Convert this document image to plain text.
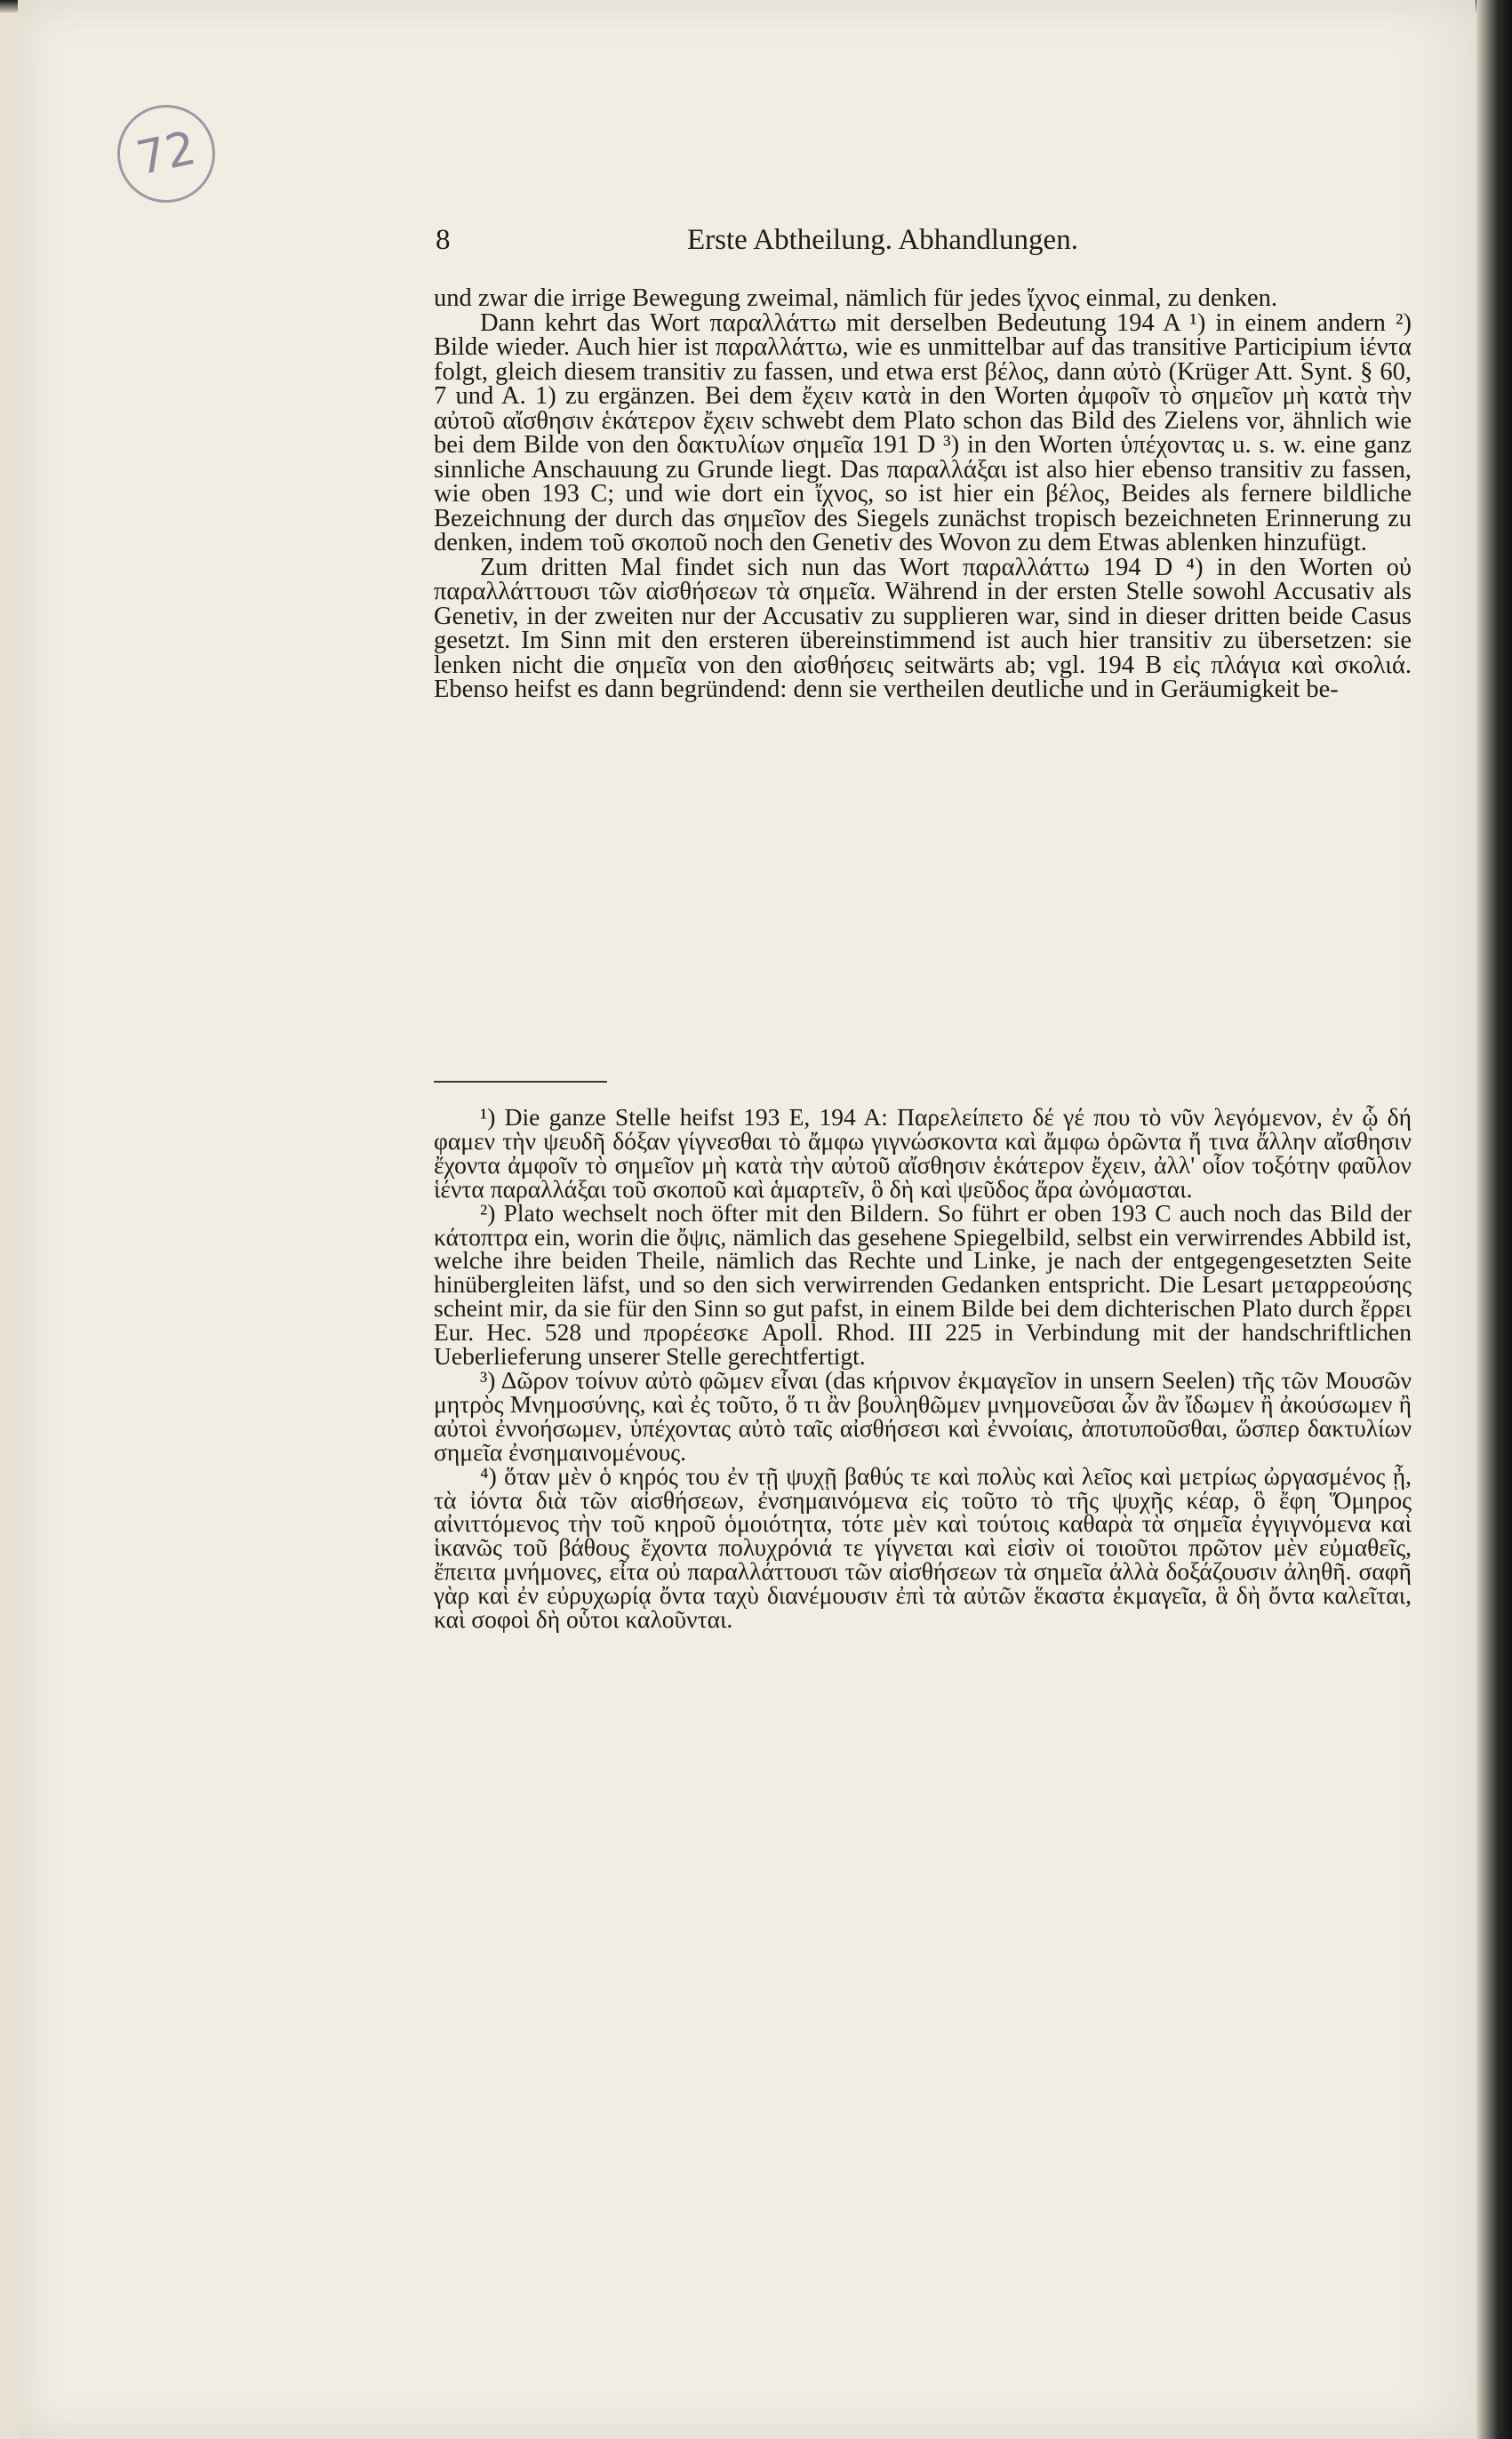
72
8	Erste Abtheilung. Abhandlungen.

und zwar die irrige Bewegung zweimal, nämlich für jedes ἴχνος einmal, zu denken.

Dann kehrt das Wort παραλλάττω mit derselben Bedeutung 194 A ¹) in einem andern ²) Bilde wieder. Auch hier ist παραλλάττω, wie es unmittelbar auf das transitive Participium ἱέντα folgt, gleich diesem transitiv zu fassen, und etwa erst βέλος, dann αὐτὸ (Krüger Att. Synt. § 60, 7 und A. 1) zu ergänzen. Bei dem ἔχειν κατὰ in den Worten ἀμφοῖν τὸ σημεῖον μὴ κατὰ τὴν αὐτοῦ αἴσθησιν ἑκάτερον ἔχειν schwebt dem Plato schon das Bild des Zielens vor, ähnlich wie bei dem Bilde von den δακτυλίων σημεῖα 191 D ³) in den Worten ὑπέχοντας u. s. w. eine ganz sinnliche Anschauung zu Grunde liegt. Das παραλλάξαι ist also hier ebenso transitiv zu fassen, wie oben 193 C; und wie dort ein ἴχνος, so ist hier ein βέλος, Beides als fernere bildliche Bezeichnung der durch das σημεῖον des Siegels zunächst tropisch bezeichneten Erinnerung zu denken, indem τοῦ σκοποῦ noch den Genetiv des Wovon zu dem Etwas ablenken hinzufügt.

Zum dritten Mal findet sich nun das Wort παραλλάττω 194 D ⁴) in den Worten οὐ παραλλάττουσι τῶν αἰσθήσεων τὰ σημεῖα. Während in der ersten Stelle sowohl Accusativ als Genetiv, in der zweiten nur der Accusativ zu supplieren war, sind in dieser dritten beide Casus gesetzt. Im Sinn mit den ersteren übereinstimmend ist auch hier transitiv zu übersetzen: sie lenken nicht die σημεῖα von den αἰσθήσεις seitwärts ab; vgl. 194 B εἰς πλάγια καὶ σκολιά. Ebenso heifst es dann begründend: denn sie vertheilen deutliche und in Geräumigkeit be-

¹) Die ganze Stelle heifst 193 E, 194 A: Παρελείπετο δέ γέ που τὸ νῦν λεγόμενον, ἐν ᾧ δή φαμεν τὴν ψευδῆ δόξαν γίγνεσθαι τὸ ἄμφω γιγνώσκοντα καὶ ἄμφω ὁρῶντα ἤ τινα ἄλλην αἴσθησιν ἔχοντα ἀμφοῖν τὸ σημεῖον μὴ κατὰ τὴν αὐτοῦ αἴσθησιν ἑκάτερον ἔχειν, ἀλλ' οἷον τοξότην φαῦλον ἱέντα παραλλάξαι τοῦ σκοποῦ καὶ ἁμαρτεῖν, ὃ δὴ καὶ ψεῦδος ἄρα ὠνόμασται.

²) Plato wechselt noch öfter mit den Bildern. So führt er oben 193 C auch noch das Bild der κάτοπτρα ein, worin die ὄψις, nämlich das gesehene Spiegelbild, selbst ein verwirrendes Abbild ist, welche ihre beiden Theile, nämlich das Rechte und Linke, je nach der entgegengesetzten Seite hinübergleiten läfst, und so den sich verwirrenden Gedanken entspricht. Die Lesart μεταρρεούσης scheint mir, da sie für den Sinn so gut pafst, in einem Bilde bei dem dichterischen Plato durch ἔρρει Eur. Hec. 528 und προρέεσκε Apoll. Rhod. III 225 in Verbindung mit der handschriftlichen Ueberlieferung unserer Stelle gerechtfertigt.

³) Δῶρον τοίνυν αὐτὸ φῶμεν εἶναι (das κήρινον ἐκμαγεῖον in unsern Seelen) τῆς τῶν Μουσῶν μητρὸς Μνημοσύνης, καὶ ἐς τοῦτο, ὅ τι ἂν βουληθῶμεν μνημονεῦσαι ὧν ἂν ἴδωμεν ἢ ἀκούσωμεν ἢ αὐτοὶ ἐννοήσωμεν, ὑπέχοντας αὐτὸ ταῖς αἰσθήσεσι καὶ ἐννοίαις, ἀποτυποῦσθαι, ὥσπερ δακτυλίων σημεῖα ἐνσημαινομένους.

⁴) ὅταν μὲν ὁ κηρός του ἐν τῇ ψυχῇ βαθύς τε καὶ πολὺς καὶ λεῖος καὶ μετρίως ὠργασμένος ᾖ, τὰ ἰόντα διὰ τῶν αἰσθήσεων, ἐνσημαινόμενα εἰς τοῦτο τὸ τῆς ψυχῆς κέαρ, ὃ ἔφη Ὅμηρος αἰνιττόμενος τὴν τοῦ κηροῦ ὁμοιότητα, τότε μὲν καὶ τούτοις καθαρὰ τὰ σημεῖα ἐγγιγνόμενα καὶ ἱκανῶς τοῦ βάθους ἔχοντα πολυχρόνιά τε γίγνεται καὶ εἰσὶν οἱ τοιοῦτοι πρῶτον μὲν εὐμαθεῖς, ἔπειτα μνήμονες, εἶτα οὐ παραλλάττουσι τῶν αἰσθήσεων τὰ σημεῖα ἀλλὰ δοξάζουσιν ἀληθῆ. σαφῆ γὰρ καὶ ἐν εὐρυχωρίᾳ ὄντα ταχὺ διανέμουσιν ἐπὶ τὰ αὐτῶν ἕκαστα ἐκμαγεῖα, ἃ δὴ ὄντα καλεῖται, καὶ σοφοὶ δὴ οὗτοι καλοῦνται.
